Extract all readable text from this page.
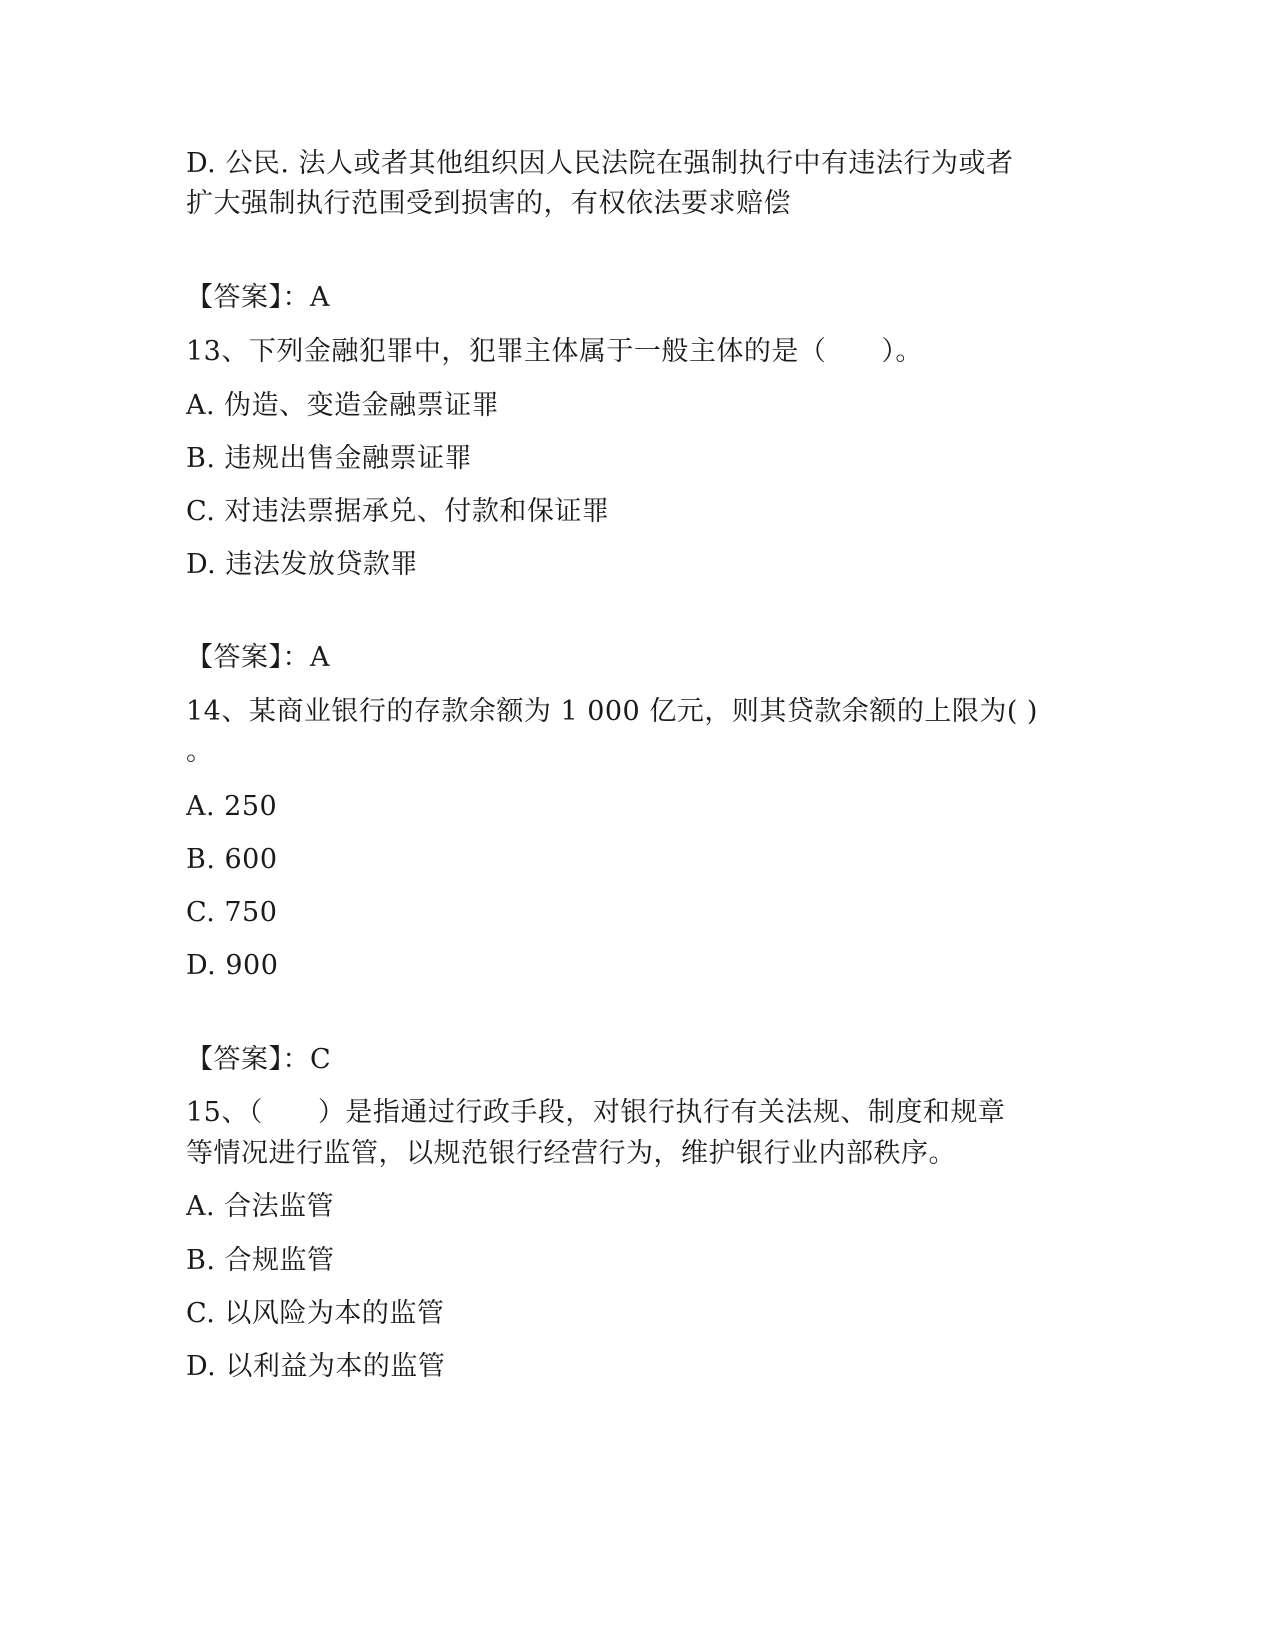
D. 公民. 法人或者其他组织因人民法院在强制执行中有违法行为或者
扩大强制执行范围受到损害的，有权依法要求赔偿
【答案】：A
13、下列金融犯罪中，犯罪主体属于一般主体的是（　　）。
A. 伪造、变造金融票证罪
B. 违规出售金融票证罪
C. 对违法票据承兑、付款和保证罪
D. 违法发放贷款罪
【答案】：A
14、某商业银行的存款余额为 1 000 亿元，则其贷款余额的上限为( )
。
A. 250
B. 600
C. 750
D. 900
【答案】：C
15、（　　）是指通过行政手段，对银行执行有关法规、制度和规章
等情况进行监管，以规范银行经营行为，维护银行业内部秩序。
A. 合法监管
B. 合规监管
C. 以风险为本的监管
D. 以利益为本的监管
